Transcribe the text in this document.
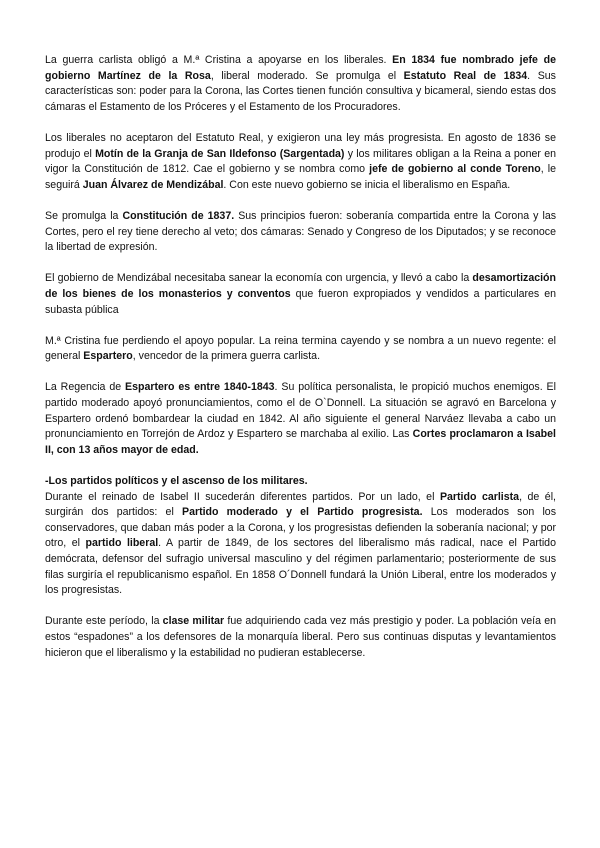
La guerra carlista obligó a M.ª Cristina a apoyarse en los liberales. En 1834 fue nombrado jefe de gobierno Martínez de la Rosa, liberal moderado. Se promulga el Estatuto Real de 1834. Sus características son: poder para la Corona, las Cortes tienen función consultiva y bicameral, siendo estas dos cámaras el Estamento de los Próceres y el Estamento de los Procuradores.

Los liberales no aceptaron del Estatuto Real, y exigieron una ley más progresista. En agosto de 1836 se produjo el Motín de la Granja de San Ildefonso (Sargentada) y los militares obligan a la Reina a poner en vigor la Constitución de 1812. Cae el gobierno y se nombra como jefe de gobierno al conde Toreno, le seguirá Juan Álvarez de Mendizábal. Con este nuevo gobierno se inicia el liberalismo en España.

Se promulga la Constitución de 1837. Sus principios fueron: soberanía compartida entre la Corona y las Cortes, pero el rey tiene derecho al veto; dos cámaras: Senado y Congreso de los Diputados; y se reconoce la libertad de expresión.

El gobierno de Mendizábal necesitaba sanear la economía con urgencia, y llevó a cabo la desamortización de los bienes de los monasterios y conventos que fueron expropiados y vendidos a particulares en subasta pública

M.ª Cristina fue perdiendo el apoyo popular. La reina termina cayendo y se nombra a un nuevo regente: el general Espartero, vencedor de la primera guerra carlista.

La Regencia de Espartero es entre 1840-1843. Su política personalista, le propició muchos enemigos. El partido moderado apoyó pronunciamientos, como el de O`Donnell. La situación se agravó en Barcelona y Espartero ordenó bombardear la ciudad en 1842. Al año siguiente el general Narváez llevaba a cabo un pronunciamiento en Torrejón de Ardoz y Espartero se marchaba al exilio. Las Cortes proclamaron a Isabel II, con 13 años mayor de edad.

-Los partidos políticos y el ascenso de los militares.

Durante el reinado de Isabel II sucederán diferentes partidos. Por un lado, el Partido carlista, de él, surgirán dos partidos: el Partido moderado y el Partido progresista. Los moderados son los conservadores, que daban más poder a la Corona, y los progresistas defienden la soberanía nacional; y por otro, el partido liberal. A partir de 1849, de los sectores del liberalismo más radical, nace el Partido demócrata, defensor del sufragio universal masculino y del régimen parlamentario; posteriormente de sus filas surgiría el republicanismo español. En 1858 O´Donnell fundará la Unión Liberal, entre los moderados y los progresistas.

Durante este período, la clase militar fue adquiriendo cada vez más prestigio y poder. La población veía en estos “espadones” a los defensores de la monarquía liberal. Pero sus continuas disputas y levantamientos hicieron que el liberalismo y la estabilidad no pudieran establecerse.
